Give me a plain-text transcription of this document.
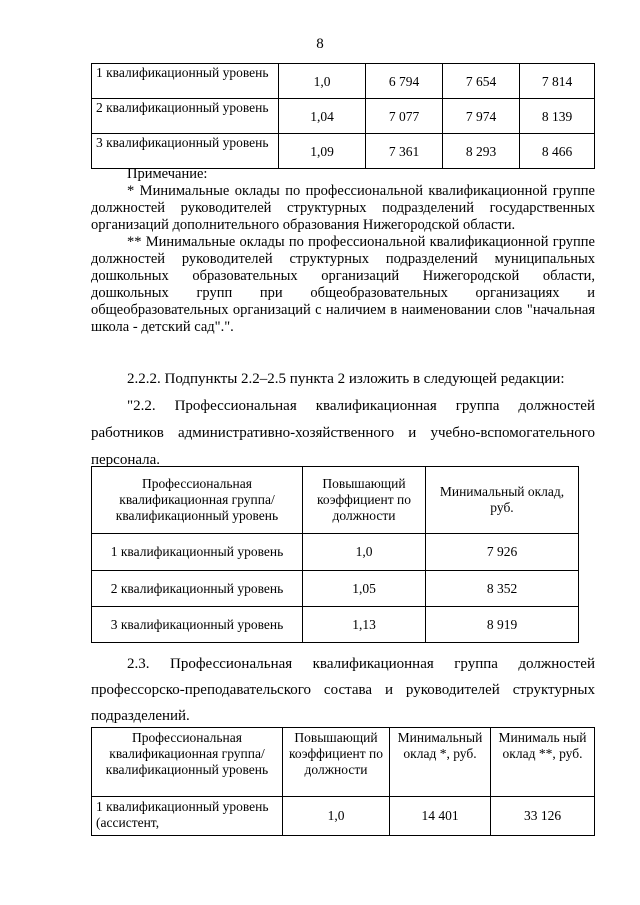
8
1 квалификационный уровень	1,0	6 794	7 654	7 814
2 квалификационный уровень	1,04	7 077	7 974	8 139
3 квалификационный уровень	1,09	7 361	8 293	8 466

Примечание:

* Минимальные оклады по профессиональной квалификационной группе должностей руководителей структурных подразделений государственных организаций дополнительного образования Нижегородской области.

** Минимальные оклады по профессиональной квалификационной группе должностей руководителей структурных подразделений муниципальных дошкольных образовательных организаций Нижегородской области, дошкольных групп при общеобразовательных организациях и общеобразовательных организаций с наличием в наименовании слов "начальная школа - детский сад".".

2.2.2. Подпункты 2.2–2.5 пункта 2 изложить в следующей редакции:

"2.2. Профессиональная квалификационная группа должностей работников административно-хозяйственного и учебно-вспомогательного персонала.

Профессиональная квалификационная группа/квалификационный уровень	Повышающий коэффициент по должности	Минимальный оклад, руб.
1 квалификационный уровень	1,0	7 926
2 квалификационный уровень	1,05	8 352
3 квалификационный уровень	1,13	8 919

2.3. Профессиональная квалификационная группа должностей профессорско-преподавательского состава и руководителей структурных подразделений.

Профессиональная квалификационная группа/квалификационный уровень	Повышающий коэффициент по должности	Минимальный оклад *, руб.	Минималь ный оклад **, руб.
1 квалификационный уровень (ассистент,	1,0	14 401	33 126
